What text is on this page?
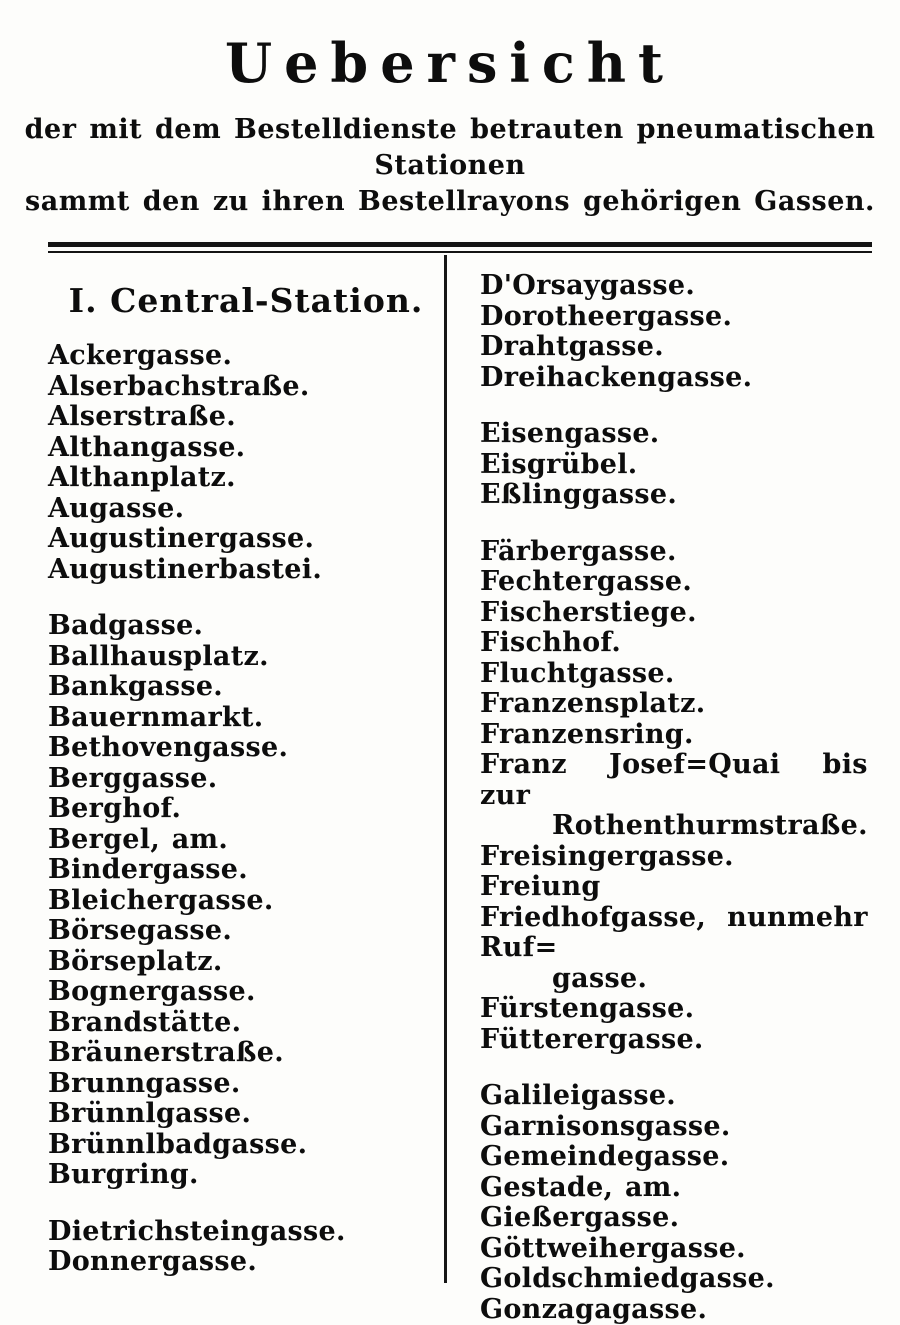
Uebersicht
der mit dem Bestelldienste betrauten pneumatischen Stationen
sammt den zu ihren Bestellrayons gehörigen Gassen.
I. Central-Station.
Ackergasse.
Alserbachstraße.
Alserstraße.
Althangasse.
Althanplatz.
Augasse.
Augustinergasse.
Augustinerbastei.
Badgasse.
Ballhausplatz.
Bankgasse.
Bauernmarkt.
Bethovengasse.
Berggasse.
Berghof.
Bergel, am.
Bindergasse.
Bleichergasse.
Börsegasse.
Börseplatz.
Bognergasse.
Brandstätte.
Bräunerstraße.
Brunngasse.
Brünnlgasse.
Brünnlbadgasse.
Burgring.
Dietrichsteingasse.
Donnergasse.
D'Orsaygasse.
Dorotheergasse.
Drahtgasse.
Dreihackengasse.
Eisengasse.
Eisgrübel.
Eßlinggasse.
Färbergasse.
Fechtergasse.
Fischerstiege.
Fischhof.
Fluchtgasse.
Franzensplatz.
Franzensring.
Franz Josef=Quai bis zur
Rothenthurmstraße.
Freisingergasse.
Freiung
Friedhofgasse, nunmehr Ruf=
gasse.
Fürstengasse.
Fütterergasse.
Galileigasse.
Garnisonsgasse.
Gemeindegasse.
Gestade, am.
Gießergasse.
Göttweihergasse.
Goldschmiedgasse.
Gonzagagasse.
